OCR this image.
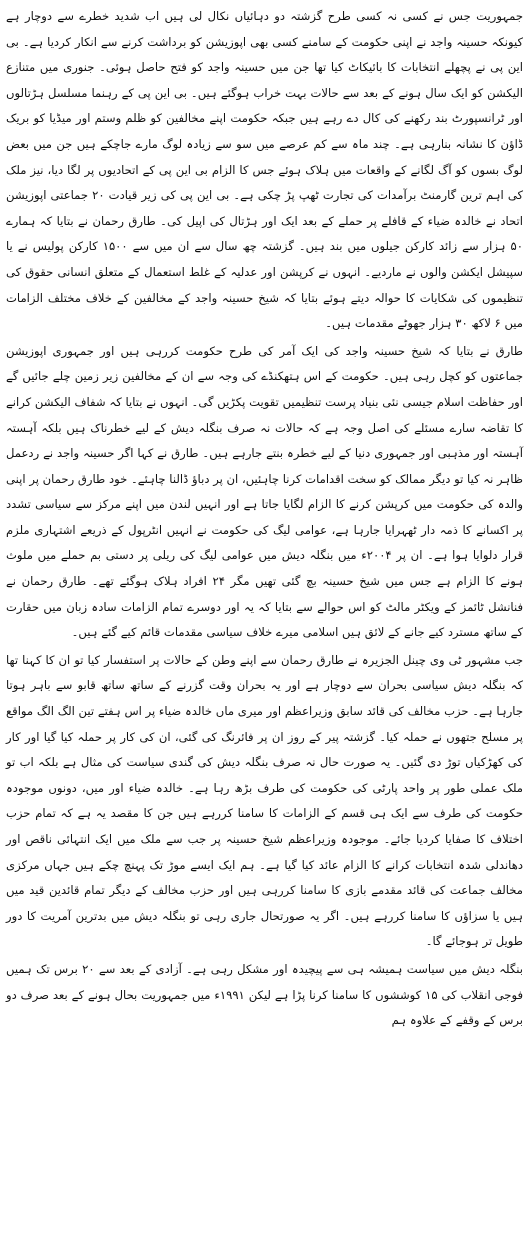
جمہوریت جس نے کسی نہ کسی طرح گزشتہ دو دہائیاں نکال لی ہیں اب شدید خطرے سے دوچار ہے کیونکہ حسینہ واجد نے اپنی حکومت کے سامنے کسی بھی اپوزیشن کو برداشت کرنے سے انکار کردیا ہے۔ بی این پی نے پچھلے انتخابات کا بائیکاٹ کیا تھا جن میں حسینہ واجد کو فتح حاصل ہوئی۔ جنوری میں متنازع الیکشن کو ایک سال ہونے کے بعد سے حالات بہت خراب ہوگئے ہیں۔ بی این پی کے رہنما مسلسل ہڑتالوں اور ٹرانسپورٹ بند رکھنے کی کال دے رہے ہیں جبکہ حکومت اپنے مخالفین کو ظلم وستم اور میڈیا کو بریک ڈاؤن کا نشانہ بنارہی ہے۔ چند ماہ سے کم عرصے میں سو سے زیادہ لوگ مارے جاچکے ہیں جن میں بعض لوگ بسوں کو آگ لگانے کے واقعات میں ہلاک ہوئے جس کا الزام بی این پی کے اتحادیوں پر لگا دیا، نیز ملک کی اہم ترین گارمنٹ برآمدات کی تجارت ٹھپ پڑ چکی ہے۔ بی این پی کی زیر قیادت ۲۰ جماعتی اپوزیشن اتحاد نے خالدہ ضیاء کے قافلے پر حملے کے بعد ایک اور ہڑتال کی اپیل کی۔ طارق رحمان نے بتایا کہ ہمارے ۵۰ ہزار سے زائد کارکن جیلوں میں بند ہیں۔ گزشتہ چھ سال سے ان میں سے ۱۵۰۰ کارکن پولیس نے یا سپیشل ایکشن والوں نے ماردیے۔ انہوں نے کرپشن اور عدلیہ کے غلط استعمال کے متعلق انسانی حقوق کی تنظیموں کی شکایات کا حوالہ دیتے ہوئے بتایا کہ شیخ حسینہ واجد کے مخالفین کے خلاف مختلف الزامات میں ۶ لاکھ ۳۰ ہزار جھوٹے مقدمات ہیں۔

طارق نے بتایا کہ شیخ حسینہ واجد کی ایک آمر کی طرح حکومت کررہی ہیں اور جمہوری اپوزیشن جماعتوں کو کچل رہی ہیں۔ حکومت کے اس ہتھکنڈے کی وجہ سے ان کے مخالفین زیر زمین چلے جائیں گے اور حفاظت اسلام جیسی نئی بنیاد پرست تنظیمیں تقویت پکڑیں گی۔ انہوں نے بتایا کہ شفاف الیکشن کرانے کا تقاضہ سارے مسئلے کی اصل وجہ ہے کہ حالات نہ صرف بنگلہ دیش کے لیے خطرناک ہیں بلکہ آہستہ آہستہ اور مذہبی اور جمہوری دنیا کے لیے خطرہ بنتے جارہے ہیں۔ طارق نے کہا اگر حسینہ واجد نے ردعمل ظاہر نہ کیا تو دیگر ممالک کو سخت اقدامات کرنا چاہئیں، ان پر دباؤ ڈالنا چاہئے۔ خود طارق رحمان پر اپنی والدہ کی حکومت میں کرپشن کرنے کا الزام لگایا جاتا ہے اور انہیں لندن میں اپنے مرکز سے سیاسی تشدد پر اکسانے کا ذمہ دار ٹھہرایا جارہا ہے، عوامی لیگ کی حکومت نے انہیں انٹرپول کے ذریعے اشتہاری ملزم قرار دلوایا ہوا ہے۔ ان پر ۲۰۰۴ء میں بنگلہ دیش میں عوامی لیگ کی ریلی پر دستی بم حملے میں ملوث ہونے کا الزام ہے جس میں شیخ حسینہ بچ گئی تھیں مگر ۲۴ افراد ہلاک ہوگئے تھے۔ طارق رحمان نے فنانشل ٹائمز کے ویکٹر مالٹ کو اس حوالے سے بتایا کہ یہ اور دوسرے تمام الزامات سادہ زبان میں حقارت کے ساتھ مسترد کیے جانے کے لائق ہیں اسلامی میرے خلاف سیاسی مقدمات قائم کیے گئے ہیں۔

جب مشہور ٹی وی چینل الجزیرہ نے طارق رحمان سے اپنے وطن کے حالات پر استفسار کیا تو ان کا کہنا تھا کہ بنگلہ دیش سیاسی بحران سے دوچار ہے اور یہ بحران وقت گزرنے کے ساتھ ساتھ قابو سے باہر ہوتا جارہا ہے۔ حزب مخالف کی قائد سابق وزیراعظم اور میری ماں خالدہ ضیاء پر اس ہفتے تین الگ الگ مواقع پر مسلح جتھوں نے حملہ کیا۔ گزشتہ پیر کے روز ان پر فائرنگ کی گئی، ان کی کار پر حملہ کیا گیا اور کار کی کھڑکیاں توڑ دی گئیں۔ یہ صورت حال نہ صرف بنگلہ دیش کی گندی سیاست کی مثال ہے بلکہ اب تو ملک عملی طور پر واحد پارٹی کی حکومت کی طرف بڑھ رہا ہے۔ خالدہ ضیاء اور میں، دونوں موجودہ حکومت کی طرف سے ایک ہی قسم کے الزامات کا سامنا کررہے ہیں جن کا مقصد یہ ہے کہ تمام حزب اختلاف کا صفایا کردیا جائے۔ موجودہ وزیراعظم شیخ حسینہ پر جب سے ملک میں ایک انتہائی ناقص اور دھاندلی شدہ انتخابات کرانے کا الزام عائد کیا گیا ہے۔ ہم ایک ایسے موڑ تک پہنچ چکے ہیں جہاں مرکزی مخالف جماعت کی قائد مقدمے بازی کا سامنا کررہی ہیں اور حزب مخالف کے دیگر تمام قائدین قید میں ہیں یا سزاؤں کا سامنا کررہے ہیں۔ اگر یہ صورتحال جاری رہی تو بنگلہ دیش میں بدترین آمریت کا دور طویل تر ہوجائے گا۔

بنگلہ دیش میں سیاست ہمیشہ ہی سے پیچیدہ اور مشکل رہی ہے۔ آزادی کے بعد سے ۲۰ برس تک ہمیں فوجی انقلاب کی ۱۵ کوششوں کا سامنا کرنا پڑا ہے لیکن ۱۹۹۱ء میں جمہوریت بحال ہونے کے بعد صرف دو برس کے وقفے کے علاوہ ہم
